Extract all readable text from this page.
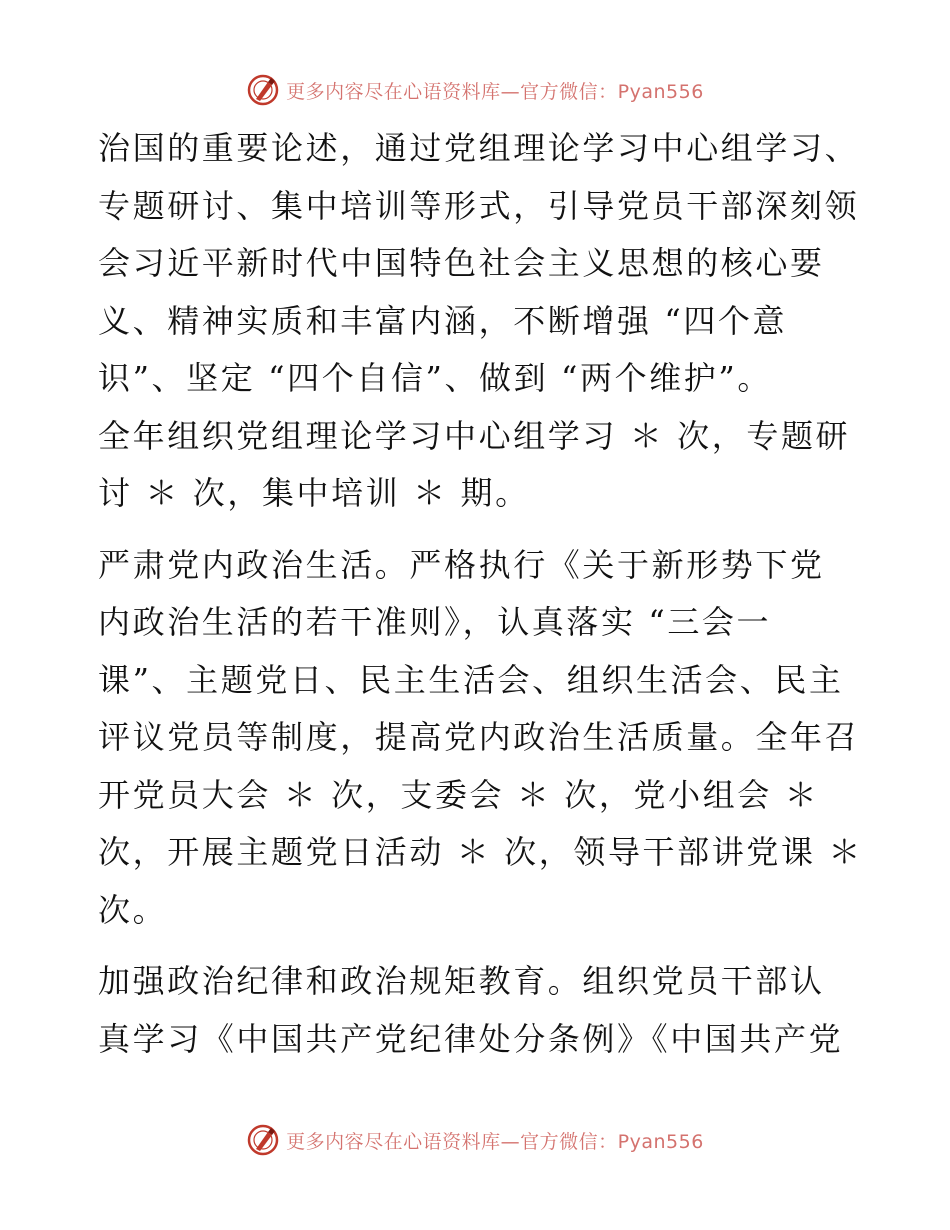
更多内容尽在心语资料库—官方微信：Pyan556
治国的重要论述，通过党组理论学习中心组学习、
专题研讨、集中培训等形式，引导党员干部深刻领
会习近平新时代中国特色社会主义思想的核心要
义、精神实质和丰富内涵，不断增强 “四个意
识”、坚定 “四个自信”、做到 “两个维护”。
全年组织党组理论学习中心组学习 ＊ 次，专题研
讨 ＊ 次，集中培训 ＊ 期。
严肃党内政治生活。严格执行《关于新形势下党
内政治生活的若干准则》，认真落实 “三会一
课”、主题党日、民主生活会、组织生活会、民主
评议党员等制度，提高党内政治生活质量。全年召
开党员大会 ＊ 次，支委会 ＊ 次，党小组会 ＊
次，开展主题党日活动 ＊ 次，领导干部讲党课 ＊
次。
加强政治纪律和政治规矩教育。组织党员干部认
真学习《中国共产党纪律处分条例》《中国共产党
更多内容尽在心语资料库—官方微信：Pyan556
